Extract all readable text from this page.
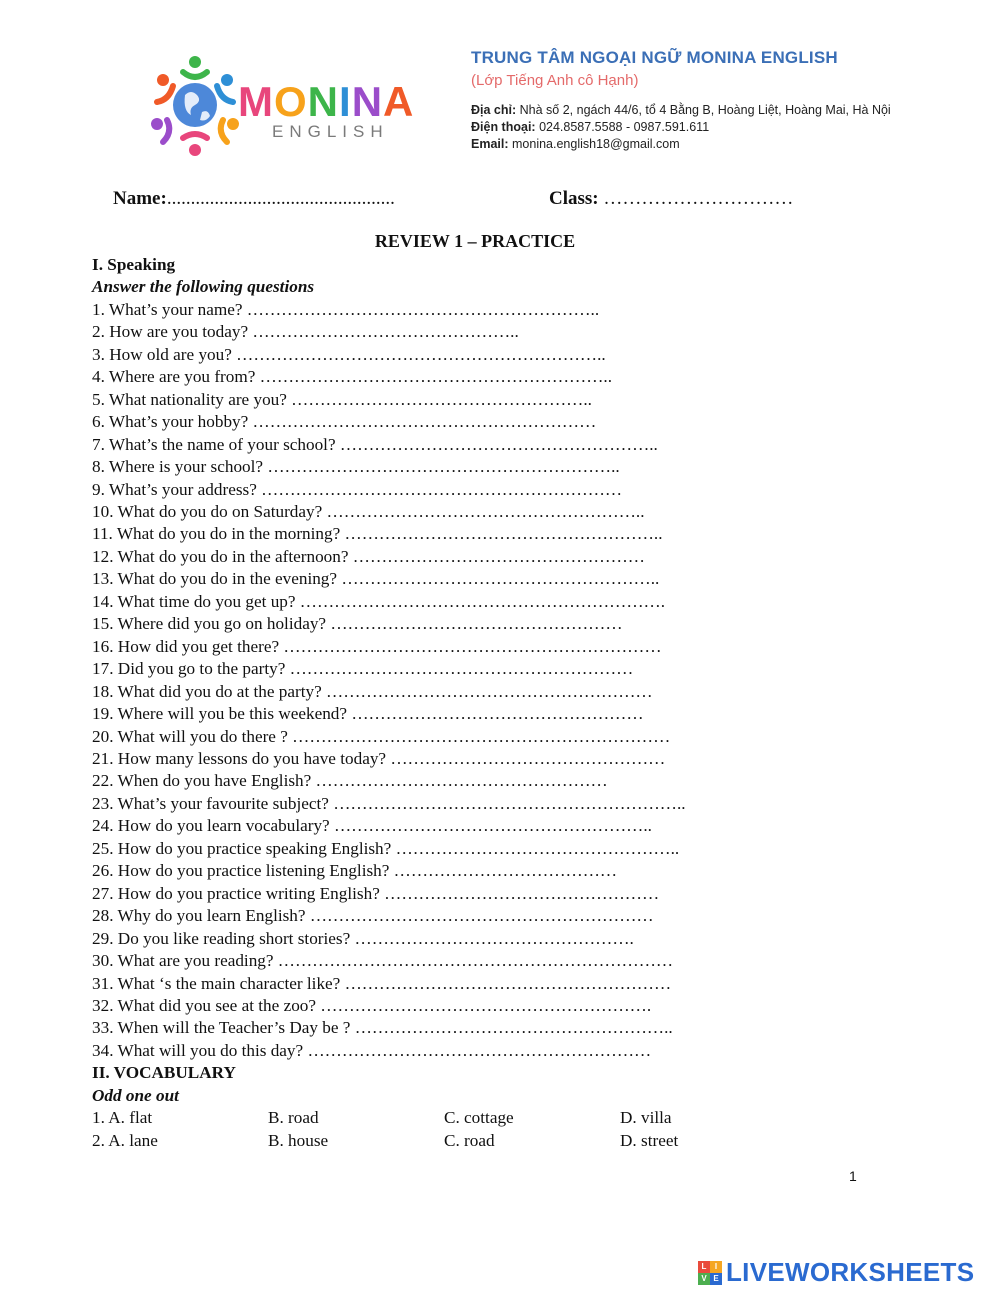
MONINA
ENGLISH
TRUNG TÂM NGOẠI NGỮ MONINA ENGLISH
(Lớp Tiếng Anh cô Hạnh)
Địa chỉ: Nhà số 2, ngách 44/6, tổ 4 Bằng B, Hoàng Liệt, Hoàng Mai, Hà Nội
Điện thoại: 024.8587.5588 - 0987.591.611
Email: monina.english18@gmail.com
Name:................................................	Class: …………………………
REVIEW 1 – PRACTICE
I. Speaking
Answer the following questions
1. What’s your name? ……………………………………………………..
2. How are you today? ………………………………………..
3. How old are you? ………………………………………………………..
4. Where are you from? ……………………………………………………..
5. What nationality are you? ……………………………………………..
6. What’s your hobby? ……………………………………………………
7. What’s the name of your school? ………………………………………………..
8. Where is your school? ……………………………………………………..
9. What’s your address? ………………………………………………………
10. What do you do on Saturday? ………………………………………………..
11. What do you do in the morning? ………………………………………………..
12. What do you do in the afternoon? ……………………………………………
13. What do you do in the evening? ………………………………………………..
14. What time do you get up? ……………………………………………………….
15. Where did you go on holiday? ……………………………………………
16. How did you get there? …………………………………………………………
17. Did you go to the party? ……………………………………………………
18. What did you do at the party? …………………………………………………
19. Where will you be this weekend? ……………………………………………
20. What will you do there ? …………………………………………………………
21. How many lessons do you have today? …………………………………………
22. When do you have English? ……………………………………………
23. What’s your favourite subject? ……………………………………………………..
24. How do you learn vocabulary? ………………………………………………..
25. How do you practice speaking English? …………………………………………..
26. How do you practice listening English? …………………………………
27. How do you practice writing English? …………………………………………
28. Why do you learn English? ……………………………………………………
29. Do you like reading short stories? ………………………………………….
30. What are you reading? ……………………………………………………………
31. What ‘s the main character like? …………………………………………………
32. What did you see at the zoo? ………………………………………………….
33. When will the Teacher’s Day be ? ………………………………………………..
34. What will you do this day? ……………………………………………………
II. VOCABULARY
Odd one out
1. A. flat	B. road	C. cottage	D. villa
2. A. lane	B. house	C. road	D. street
1
L	I
V E LIVEWORKSHEETS
